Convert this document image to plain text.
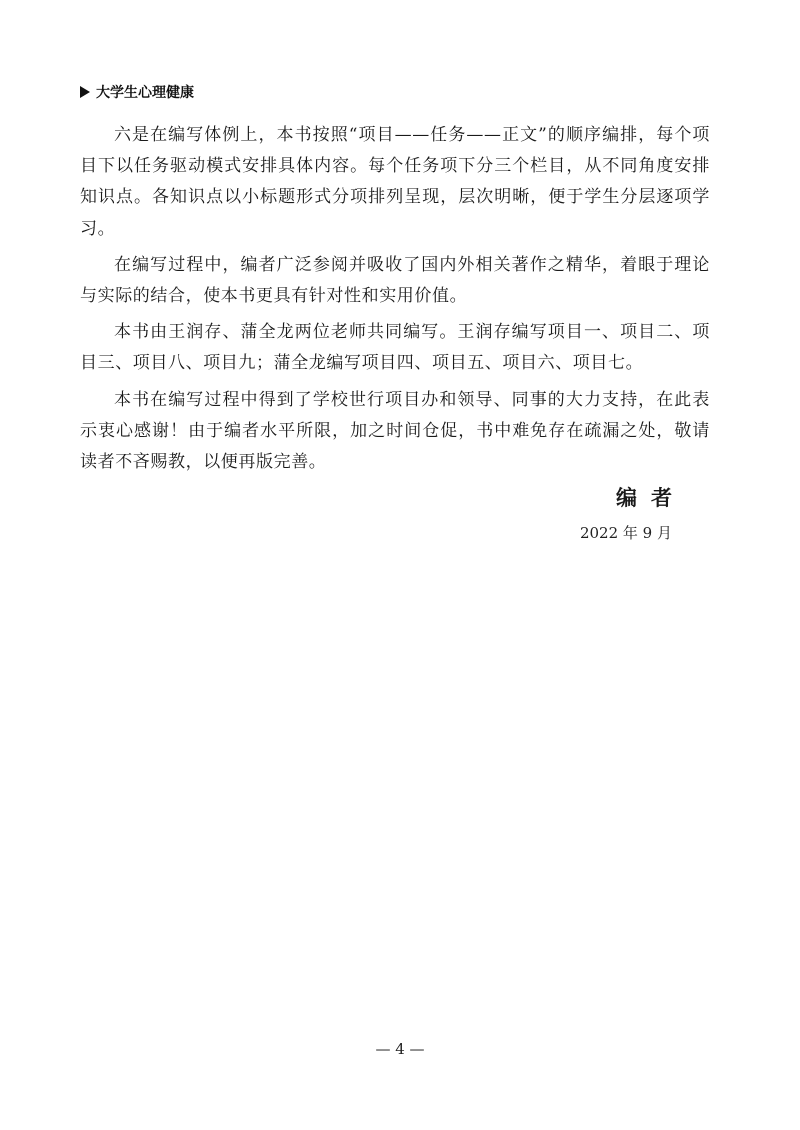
大学生心理健康

六是在编写体例上，本书按照“项目——任务——正文”的顺序编排，每个项目下以任务驱动模式安排具体内容。每个任务项下分三个栏目，从不同角度安排知识点。各知识点以小标题形式分项排列呈现，层次明晰，便于学生分层逐项学习。

在编写过程中，编者广泛参阅并吸收了国内外相关著作之精华，着眼于理论与实际的结合，使本书更具有针对性和实用价值。

本书由王润存、蒲全龙两位老师共同编写。王润存编写项目一、项目二、项目三、项目八、项目九；蒲全龙编写项目四、项目五、项目六、项目七。

本书在编写过程中得到了学校世行项目办和领导、同事的大力支持，在此表示衷心感谢！由于编者水平所限，加之时间仓促，书中难免存在疏漏之处，敬请读者不吝赐教，以便再版完善。

编者
2022 年 9 月
— 4 —
